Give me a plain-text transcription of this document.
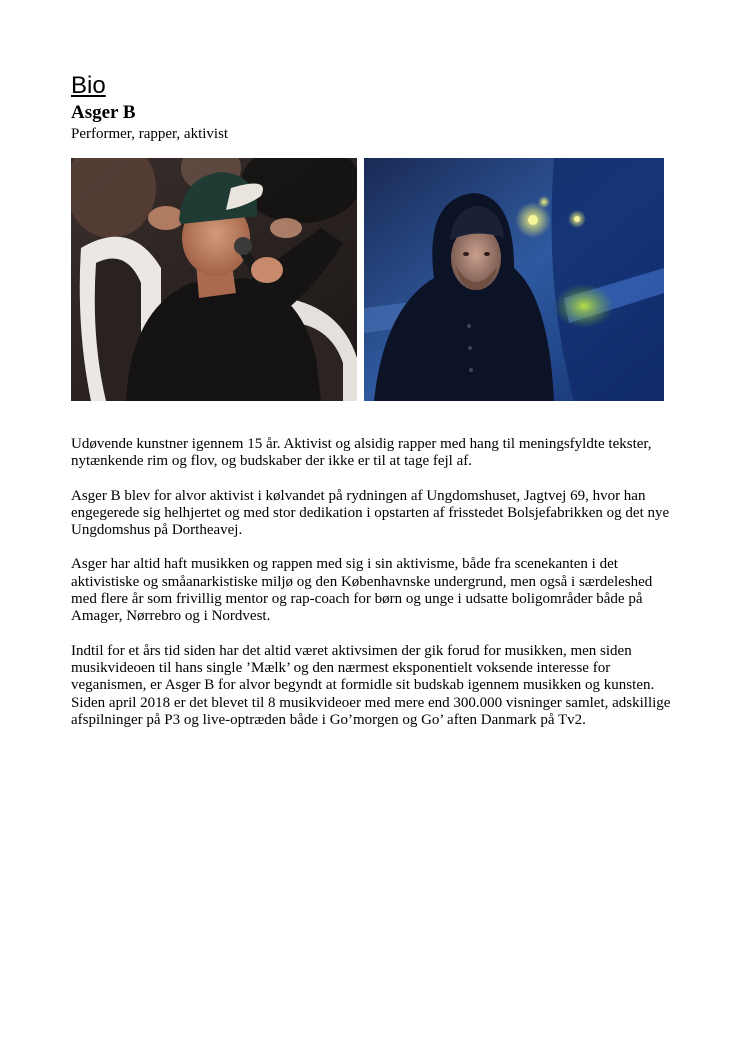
Bio
Asger B
Performer, rapper, aktivist

Udøvende kunstner igennem 15 år. Aktivist og alsidig rapper med hang til meningsfyldte tekster, nytænkende rim og flov, og budskaber der ikke er til at tage fejl af.

Asger B blev for alvor aktivist i kølvandet på rydningen af Ungdomshuset, Jagtvej 69, hvor han engegerede sig helhjertet og med stor dedikation i opstarten af frisstedet Bolsjefabrikken og det nye Ungdomshus på Dortheavej.

Asger har altid haft musikken og rappen med sig i sin aktivisme, både fra scenekanten i det aktivistiske og småanarkistiske miljø og den Københavnske undergrund, men også i særdeleshed med flere år som frivillig mentor og rap-coach for børn og unge i udsatte boligområder både på Amager, Nørrebro og i Nordvest.

Indtil for et års tid siden har det altid været aktivsimen der gik forud for musikken, men siden musikvideoen til hans single ’Mælk’ og den nærmest eksponentielt voksende interesse for veganismen, er Asger B for alvor begyndt at formidle sit budskab igennem musikken og kunsten. Siden april 2018 er det blevet til 8 musikvideoer med mere end 300.000 visninger samlet, adskillige afspilninger på P3 og live-optræden både i Go’morgen og Go’ aften Danmark på Tv2.
